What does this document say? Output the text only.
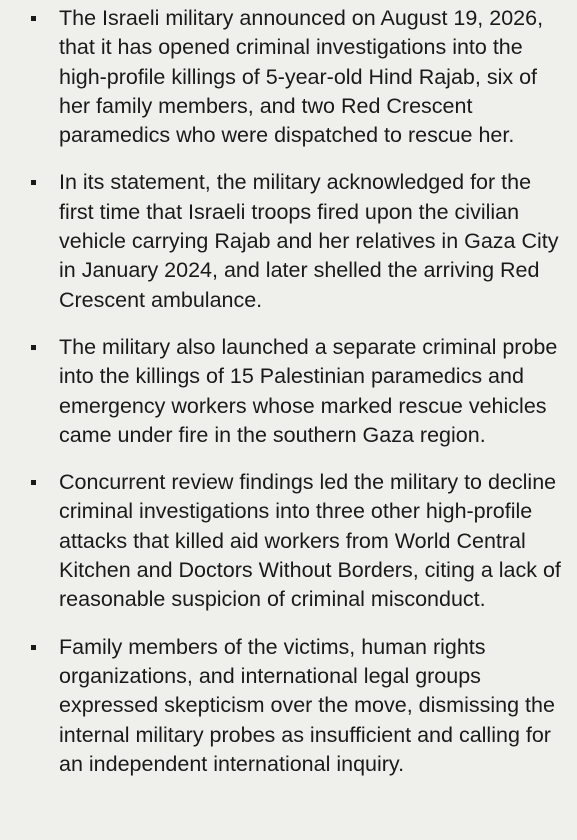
The Israeli military announced on August 19, 2026, that it has opened criminal investigations into the high-profile killings of 5-year-old Hind Rajab, six of her family members, and two Red Crescent paramedics who were dispatched to rescue her.
In its statement, the military acknowledged for the first time that Israeli troops fired upon the civilian vehicle carrying Rajab and her relatives in Gaza City in January 2024, and later shelled the arriving Red Crescent ambulance.
The military also launched a separate criminal probe into the killings of 15 Palestinian paramedics and emergency workers whose marked rescue vehicles came under fire in the southern Gaza region.
Concurrent review findings led the military to decline criminal investigations into three other high-profile attacks that killed aid workers from World Central Kitchen and Doctors Without Borders, citing a lack of reasonable suspicion of criminal misconduct.
Family members of the victims, human rights organizations, and international legal groups expressed skepticism over the move, dismissing the internal military probes as insufficient and calling for an independent international inquiry.
